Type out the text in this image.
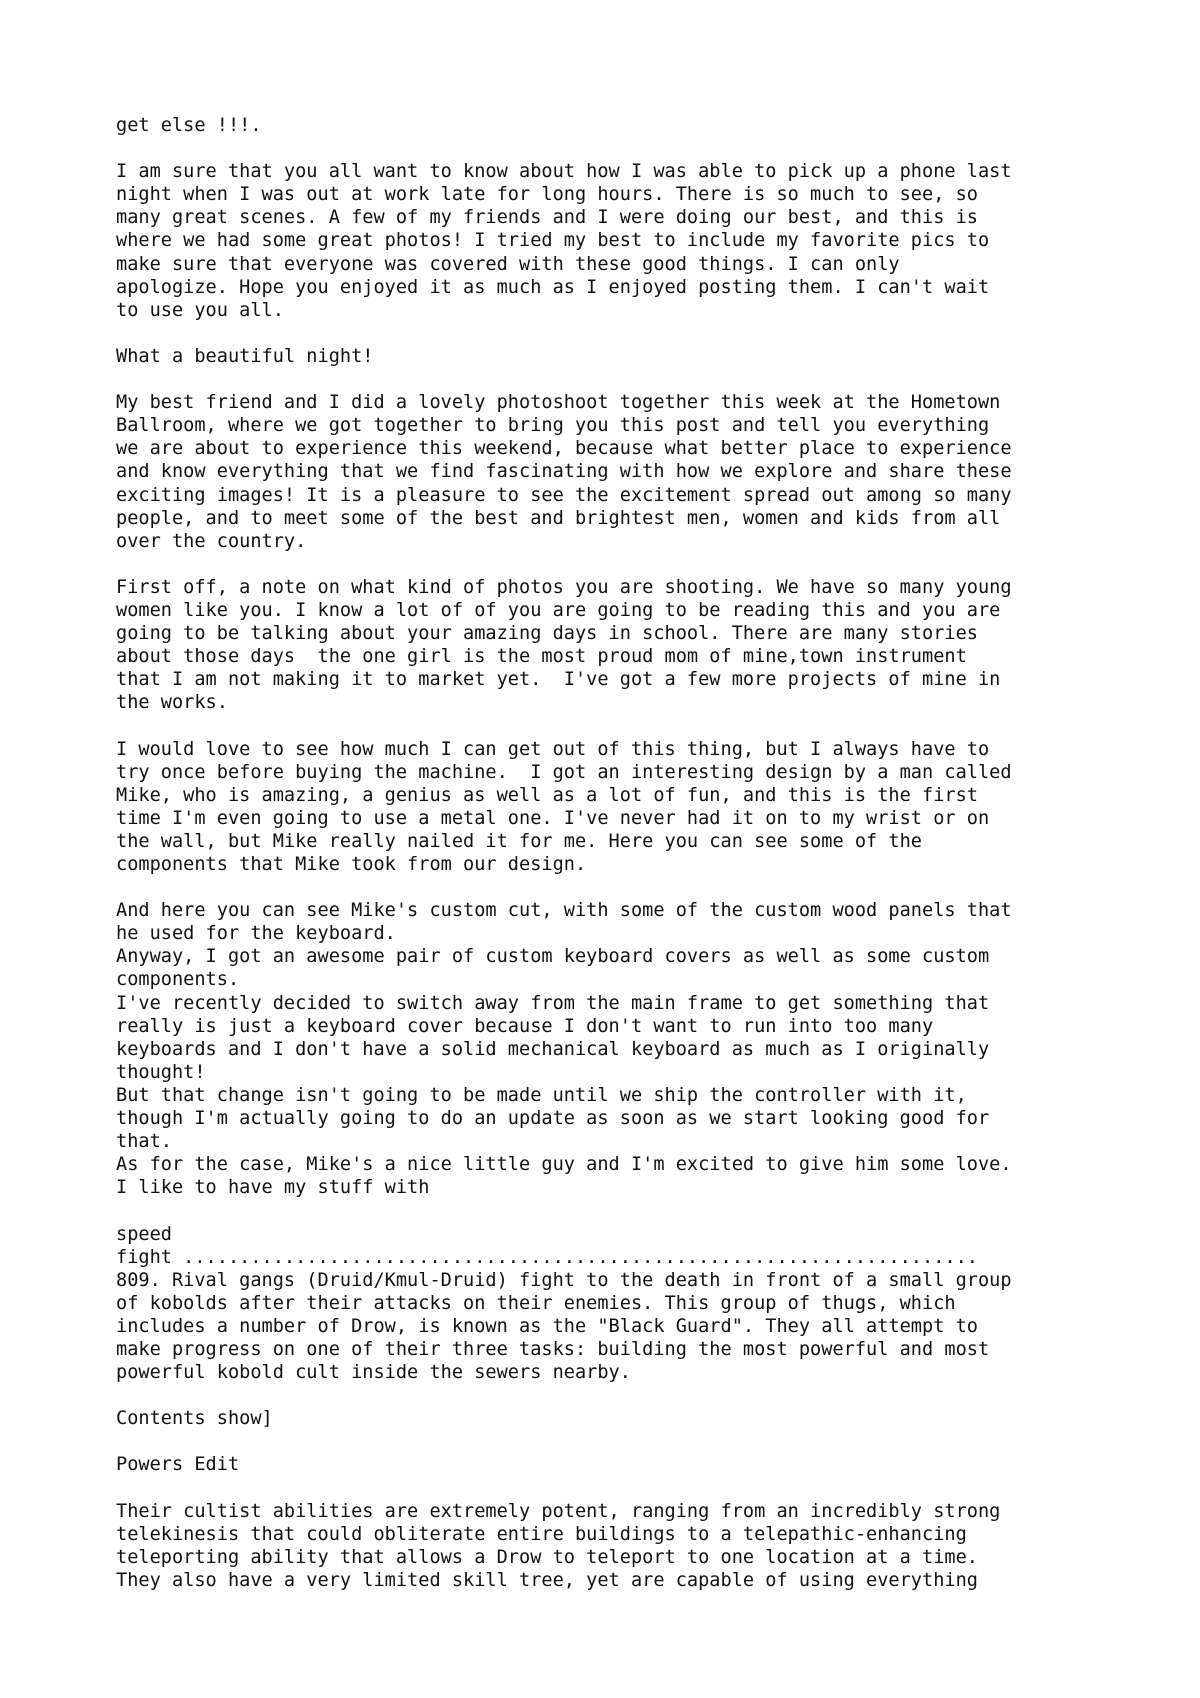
get else !!!.
I am sure that you all want to know about how I was able to pick up a phone last
night when I was out at work late for long hours. There is so much to see, so
many great scenes. A few of my friends and I were doing our best, and this is
where we had some great photos! I tried my best to include my favorite pics to
make sure that everyone was covered with these good things. I can only
apologize. Hope you enjoyed it as much as I enjoyed posting them. I can't wait
to use you all.
What a beautiful night!
My best friend and I did a lovely photoshoot together this week at the Hometown
Ballroom, where we got together to bring you this post and tell you everything
we are about to experience this weekend, because what better place to experience
and know everything that we find fascinating with how we explore and share these
exciting images! It is a pleasure to see the excitement spread out among so many
people, and to meet some of the best and brightest men, women and kids from all
over the country.
First off, a note on what kind of photos you are shooting. We have so many young
women like you. I know a lot of of you are going to be reading this and you are
going to be talking about your amazing days in school. There are many stories
about those days  the one girl is the most proud mom of mine,town instrument
that I am not making it to market yet.  I've got a few more projects of mine in
the works.
I would love to see how much I can get out of this thing, but I always have to
try once before buying the machine.  I got an interesting design by a man called
Mike, who is amazing, a genius as well as a lot of fun, and this is the first
time I'm even going to use a metal one. I've never had it on to my wrist or on
the wall, but Mike really nailed it for me. Here you can see some of the
components that Mike took from our design.
And here you can see Mike's custom cut, with some of the custom wood panels that
he used for the keyboard.
Anyway, I got an awesome pair of custom keyboard covers as well as some custom
components.
I've recently decided to switch away from the main frame to get something that
really is just a keyboard cover because I don't want to run into too many
keyboards and I don't have a solid mechanical keyboard as much as I originally
thought!
But that change isn't going to be made until we ship the controller with it,
though I'm actually going to do an update as soon as we start looking good for
that.
As for the case, Mike's a nice little guy and I'm excited to give him some love.
I like to have my stuff with
speed
fight .......................................................................
809. Rival gangs (Druid/Kmul-Druid) fight to the death in front of a small group
of kobolds after their attacks on their enemies. This group of thugs, which
includes a number of Drow, is known as the "Black Guard". They all attempt to
make progress on one of their three tasks: building the most powerful and most
powerful kobold cult inside the sewers nearby.
Contents show]
Powers Edit
Their cultist abilities are extremely potent, ranging from an incredibly strong
telekinesis that could obliterate entire buildings to a telepathic-enhancing
teleporting ability that allows a Drow to teleport to one location at a time.
They also have a very limited skill tree, yet are capable of using everything
